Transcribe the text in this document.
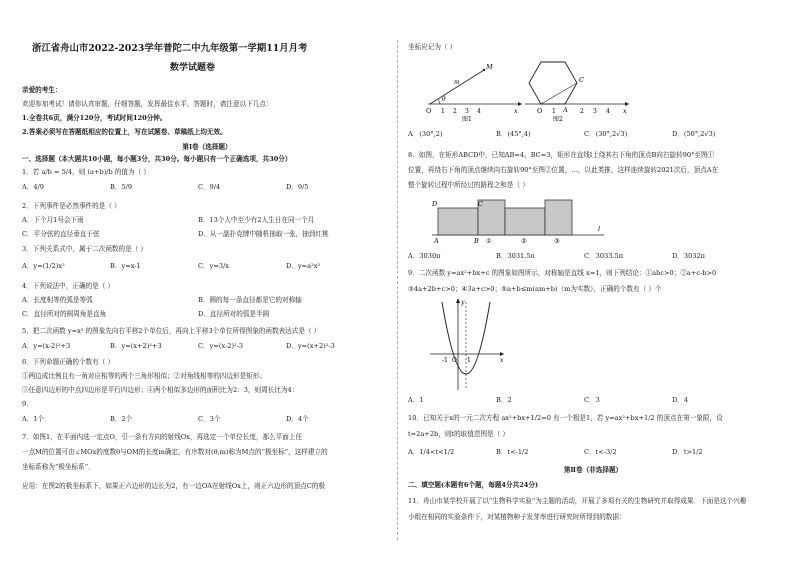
浙江省舟山市2022-2023学年普陀二中九年级第一学期11月月考
数学试题卷
亲爱的考生：
欢迎参加考试！请你认真审题，仔细答题，发挥最佳水平，答题时，请注意以下几点：
1.全卷共6页，满分120分，考试时间120分钟。
2.答案必须写在答题纸相应的位置上，写在试题卷、草稿纸上均无效。
第Ⅰ卷（选择题）
一、选择题（本大题共10小题，每小题3分，共30分。每小题只有一个正确选项，共30分）
1．若 a/b = 5/4，则 (a+b)/b 的值为（ ）
A．4/9	B．5/9	C．9/4	D．9/5
2．下列事件是必然事件的是（ ）
A．下个月1号会下雨	B．13个人中至少有2人生日在同一个月
C．平分弦的直径垂直于弦	D．从一副扑克牌中随机抽取一张，抽到红桃
3．下列关系式中，属于二次函数的是（ ）
A．y=(1/2)x²	B．y=x-1	C．y=3/x	D．y=a²x²
4．下列说法中，正确的是（ ）
A．长度相等的弧是等弧	B．圆的每一条直径都是它的对称轴
C．直径所对的圆周角是直角	D．直径所对的弧是半圆
5．把二次函数 y=x² 的图象先向右平移2个单位后，再向上平移3个单位所得图象的函数表达式是（ ）
A．y=(x-2)²+3	B．y=(x+2)²+3	C．y=(x-2)²-3	D．y=(x+2)²-3
6．下列命题正确的个数有（ ）
①两边成比例且有一角对应相等的两个三角形相似；②对角线相等的四边形是矩形；
③任意四边形的中点四边形是平行四边形；④两个相似多边形的面积比为2：3，则周长比为4：
9．
A．1个	B．2个	C．3个	D．4个
7．如图1，在平面内选一定点O，引一条有方向的射线Ox，再选定一个单位长度，那么平面上任
一点M的位置可由∠MOx的度数θ与OM的长度m确定，有序数对(θ,m)称为M点的“极坐标”，这样建立的
坐标系称为“极坐标系”．
应用：在图2的极坐标系下，如果正六边形的边长为2，有一边OA在射线Ox上，则正六边形的顶点C的极
坐标应记为（ ）
O 1 2 3 4	x
θ
m
M
图1
O	A
C
1	2 3 4 x
图2
A．(30°,2)	B．(45°,4)	C．(30°,2√3)	D．(50°,2√3)
8．如图，在矩形ABCD中，已知AB=4，BC=3，矩形在直线l上绕其右下角的顶点B向右旋转90°至图①
位置，再绕右下角的顶点继续向右旋转90°至图②位置，…，以此类推，这样连续旋转2021次后，顶点A在
整个旋转过程中所经过的路程之和是（ ）
D	C
A	B ①	②	③
l
A．3030π	B．3031.5π	C．3033.5π	D．3032π
9．二次函数 y=ax²+bx+c 的图象如图所示，对称轴是直线 x=1，则下列结论：①abc>0；②a+c-b>0
③4a+2b+c>0；④3a+c>0；⑤a+b≤m(am+b)（m为实数），正确的个数有（ ）个
-1 O 1	x
y
A．1	B．2	C．3	D．4
10．已知关于x的一元二次方程 ax²+bx+1/2=0 有一个根是1，若 y=ax²+bx+1/2 的顶点在第一象限，设
t=2a+2b，则t的取值范围是（ ）
A．1/4<t<1/2	B．t<-1/2	C．t<-3/2	D．t>1/2
第Ⅱ卷（非选择题）
二、填空题(本题有6个题，每题4分共24分)
11．舟山市某学校开展了以“生物科学实验”为主题的活动，开展了多项有关的生物研究并取得成果．下面是这个兴趣
小组在相同的实验条件下，对某植物种子发芽率进行研究时所得到的数据：
